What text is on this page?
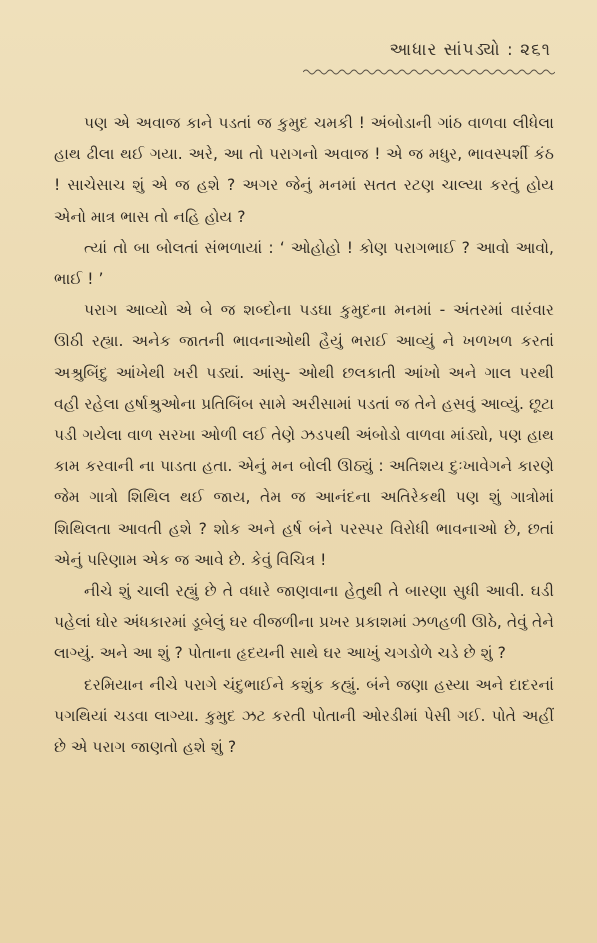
આધાર સાંપડ્યો : ૨૬૧

પણ એ અવાજ કાને પડતાં જ કુમુદ ચમકી ! અંબોડાની ગાંઠ વાળવા લીધેલા હાથ ઢીલા થઈ ગયા. અરે, આ તો પરાગનો અવાજ ! એ જ મધુર, ભાવસ્પર્શી કંઠ ! સાચેસાચ શું એ જ હશે ? અગર જેનું મનમાં સતત રટણ ચાલ્યા કરતું હોય એનો માત્ર ભાસ તો નહિ હોય ?

ત્યાં તો બા બોલતાં સંભળાયાં : ‘ ઓહોહો ! કોણ પરાગભાઈ ? આવો આવો, ભાઈ ! ’

પરાગ આવ્યો એ બે જ શબ્દોના પડઘા કુમુદના મનમાં - અંતરમાં વારંવાર ઊઠી રહ્યા. અનેક જાતની ભાવનાઓથી હૈયું ભરાઈ આવ્યું ને ખળખળ કરતાં અશ્રુબિંદુ આંખેથી ખરી પડ્યાં. આંસુ- ઓથી છલકાતી આંખો અને ગાલ પરથી વહી રહેલા હર્ષાશ્રુઓના પ્રતિબિંબ સામે અરીસામાં પડતાં જ તેને હસવું આવ્યું. છૂટા પડી ગયેલા વાળ સરખા ઓળી લઈ તેણે ઝડપથી અંબોડો વાળવા માંડ્યો, પણ હાથ કામ કરવાની ના પાડતા હતા. એનું મન બોલી ઊઠ્યું : અતિશય દુઃખાવેગને કારણે જેમ ગાત્રો શિથિલ થઈ જાય, તેમ જ આનંદના અતિરેકથી પણ શું ગાત્રોમાં શિથિલતા આવતી હશે ? શોક અને હર્ષ બંને પરસ્પર વિરોધી ભાવનાઓ છે, છતાં એનું પરિણામ એક જ આવે છે. કેવું વિચિત્ર !

નીચે શું ચાલી રહ્યું છે તે વધારે જાણવાના હેતુથી તે બારણા સુધી આવી. ઘડી પહેલાં ઘોર અંધકારમાં ડૂબેલું ઘર વીજળીના પ્રખર પ્રકાશમાં ઝળહળી ઊઠે, તેવું તેને લાગ્યું. અને આ શું ? પોતાના હૃદયની સાથે ઘર આખું ચગડોળે ચડે છે શું ?

દરમિયાન નીચે પરાગે ચંદુભાઈને કશુંક કહ્યું. બંને જણા હસ્યા અને દાદરનાં પગથિયાં ચડવા લાગ્યા. કુમુદ ઝટ કરતી પોતાની ઓરડીમાં પેસી ગઈ. પોતે અહીં છે એ પરાગ જાણતો હશે શું ?
